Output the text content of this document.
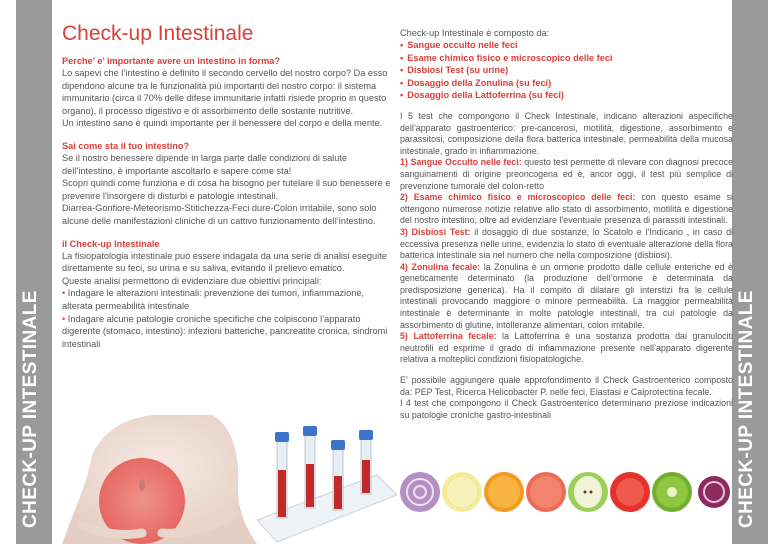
CHECK-UP INTESTINALE	CHECK-UP INTESTINALE
Check-up Intestinale
Perche’ e’ importante avere un intestino in forma?

Lo sapevi che l’intestino è definito il secondo cervello del nostro corpo? Da esso dipendono alcune tra le funzionalità più importanti del nostro corpo: il sistema immunitario (circa il 70% delle difese immunitarie infatti risiede proprio in questo organo), il processo digestivo e di assorbimento delle sostante nutritive.

Un intestino sano è quindi importante per il benessere del corpo e della mente.

Sai come sta il tuo intestino?

Se il nostro benessere dipende in larga parte dalle condizioni di salute dell’intestino, è importante ascoltarlo e sapere come sta!

Scopri quindi come funziona e di cosa ha bisogno per tutelare il suo benessere e prevenire l’insorgere di disturbi e patologie intestinali.

Diarrea-Gonfiore-Meteorismo-Stitichezza-Feci dure-Colon irritabile, sono solo alcune delle manifestazioni cliniche di un cattivo funzionamento dell’intestino.

il Check-up Intestinale

La fisiopatologia intestinale può essere indagata da una serie di analisi eseguite direttamente su feci, su urina e su saliva, evitando il prelievo ematico.

Queste analisi permettono di evidenziare due obiettivi principali:

• Indagare le alterazioni intestinali: prevenzione dei tumori, infiammazione, alterata permeabilità intestinale

• Indagare alcune patologie croniche specifiche che colpiscono l’apparato digerente (stomaco, intestino): infezioni batteriche, pancreatite cronica, sindromi intestinali

Check-up Intestinale è composto da:

• Sangue occulto nelle feci
• Esame chimico fisico e microscopico delle feci
• Disbiosi Test (su urine)
• Dosaggio della Zonulina (su feci)
• Dosaggio della Lattoferrina (su feci)

I 5 test che compongono il Check Intestinale, indicano alterazioni aspecifiche dell’apparato gastroenterico: pre-cancerosi, motilità, digestione, assorbimento e parassitosi, composizione della flora batterica intestinale, permeabilità della mucosa intestinale, grado in infiammazione.

1) Sangue Occulto nelle feci: questo test permette di rilevare con diagnosi precoce sanguinamenti di origine preoncogena ed è, ancor oggi, il test più semplice di prevenzione tumorale del colon-retto

2) Esame chimico fisico e microscopico delle feci: con questo esame si ottengono numerose notizie relative allo stato di assorbimento, motilità e digestione del nostro intestino, oltre ad evidenziare l’eventuale presenza di parassiti intestinali.

3) Disbiosi Test: il dosaggio di due sostanze, lo Scatolo e l’Indicano , in caso di eccessiva presenza nelle urine, evidenzia lo stato di eventuale alterazione della flora batterica intestinale sia nel numero che nella composizione (disbiosi).

4) Zonulina fecale: la Zonulina è un ormone prodotto dalle cellule enteriche ed è geneticamente determinato (la produzione dell’ormone è determinata da predisposizione generica). Ha il compito di dilatare gli interstizi fra le cellule intestinali provocando maggiore o minore permeabilità. La maggior permeabilità intestinale è determinante in molte patologie intestinali, tra cui patologie da assorbimento di glutine, intolleranze alimentari, colon irritabile.

5) Lattoferrina fecale: la Lattoferrina è una sostanza prodotta dai granulociti neutrofili ed esprime il grado di infiammazione presente nell’apparato digerente relativa a molteplici condizioni fisiopatologiche.

E’ possibile aggiungere quale approfondimento il Check Gastroenterico composto da: PEP Test, Ricerca Helicobacter P. nelle feci, Elastasi e Calprotectina fecale.

I 4 test che compongono il Check Gastroenterico determinano preziose indicazioni su patologie croniche gastro-intestinali
